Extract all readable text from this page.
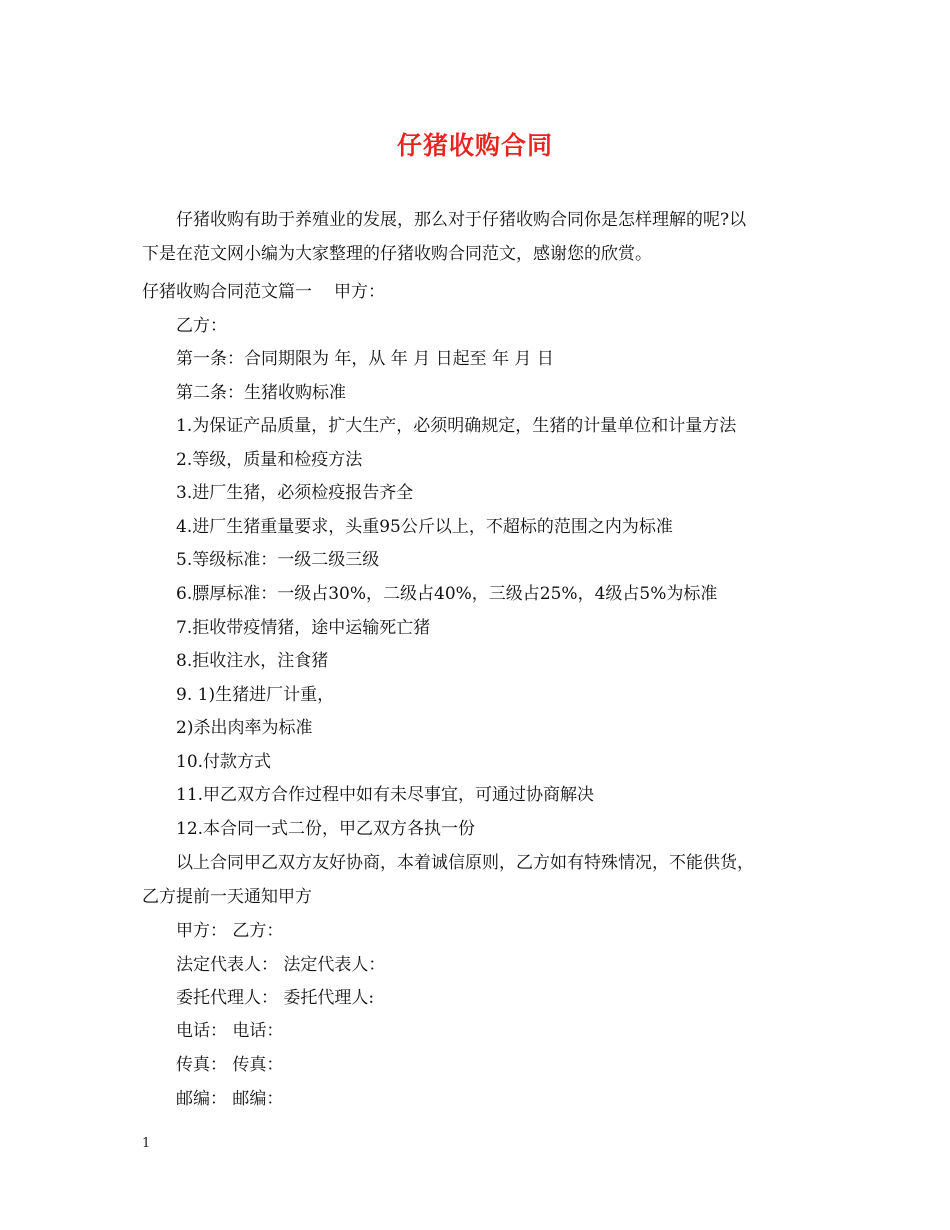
仔猪收购合同
仔猪收购有助于养殖业的发展，那么对于仔猪收购合同你是怎样理解的呢?以
下是在范文网小编为大家整理的仔猪收购合同范文，感谢您的欣赏。
仔猪收购合同范文篇一 甲方：
乙方：
第一条：合同期限为 年，从 年 月 日起至 年 月 日
第二条：生猪收购标准
1.为保证产品质量，扩大生产，必须明确规定，生猪的计量单位和计量方法
2.等级，质量和检疫方法
3.进厂生猪，必须检疫报告齐全
4.进厂生猪重量要求，头重95公斤以上，不超标的范围之内为标准
5.等级标准：一级二级三级
6.膘厚标准：一级占30%，二级占40%，三级占25%，4级占5%为标准
7.拒收带疫情猪，途中运输死亡猪
8.拒收注水，注食猪
9. 1)生猪进厂计重，
2)杀出肉率为标准
10.付款方式
11.甲乙双方合作过程中如有未尽事宜，可通过协商解决
12.本合同一式二份，甲乙双方各执一份
以上合同甲乙双方友好协商，本着诚信原则，乙方如有特殊情况，不能供货，
乙方提前一天通知甲方
甲方： 乙方：
法定代表人： 法定代表人：
委托代理人： 委托代理人:
电话： 电话：
传真： 传真：
邮编： 邮编：
1
